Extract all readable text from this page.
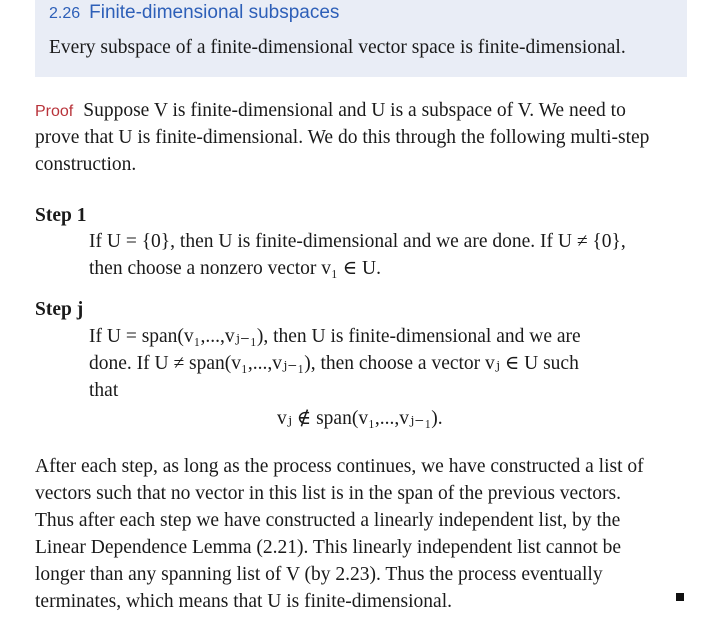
2.26 Finite-dimensional subspaces
Every subspace of a finite-dimensional vector space is finite-dimensional.
Proof Suppose V is finite-dimensional and U is a subspace of V. We need to
prove that U is finite-dimensional. We do this through the following multi-step
construction.
Step 1
If U = {0}, then U is finite-dimensional and we are done. If U ≠ {0},
then choose a nonzero vector v₁ ∈ U.
Step j
If U = span(v₁,...,vⱼ₋₁), then U is finite-dimensional and we are
done. If U ≠ span(v₁,...,vⱼ₋₁), then choose a vector vⱼ ∈ U such
that
vⱼ ∉ span(v₁,...,vⱼ₋₁).
After each step, as long as the process continues, we have constructed a list of
vectors such that no vector in this list is in the span of the previous vectors.
Thus after each step we have constructed a linearly independent list, by the
Linear Dependence Lemma (2.21). This linearly independent list cannot be
longer than any spanning list of V (by 2.23). Thus the process eventually
terminates, which means that U is finite-dimensional.
